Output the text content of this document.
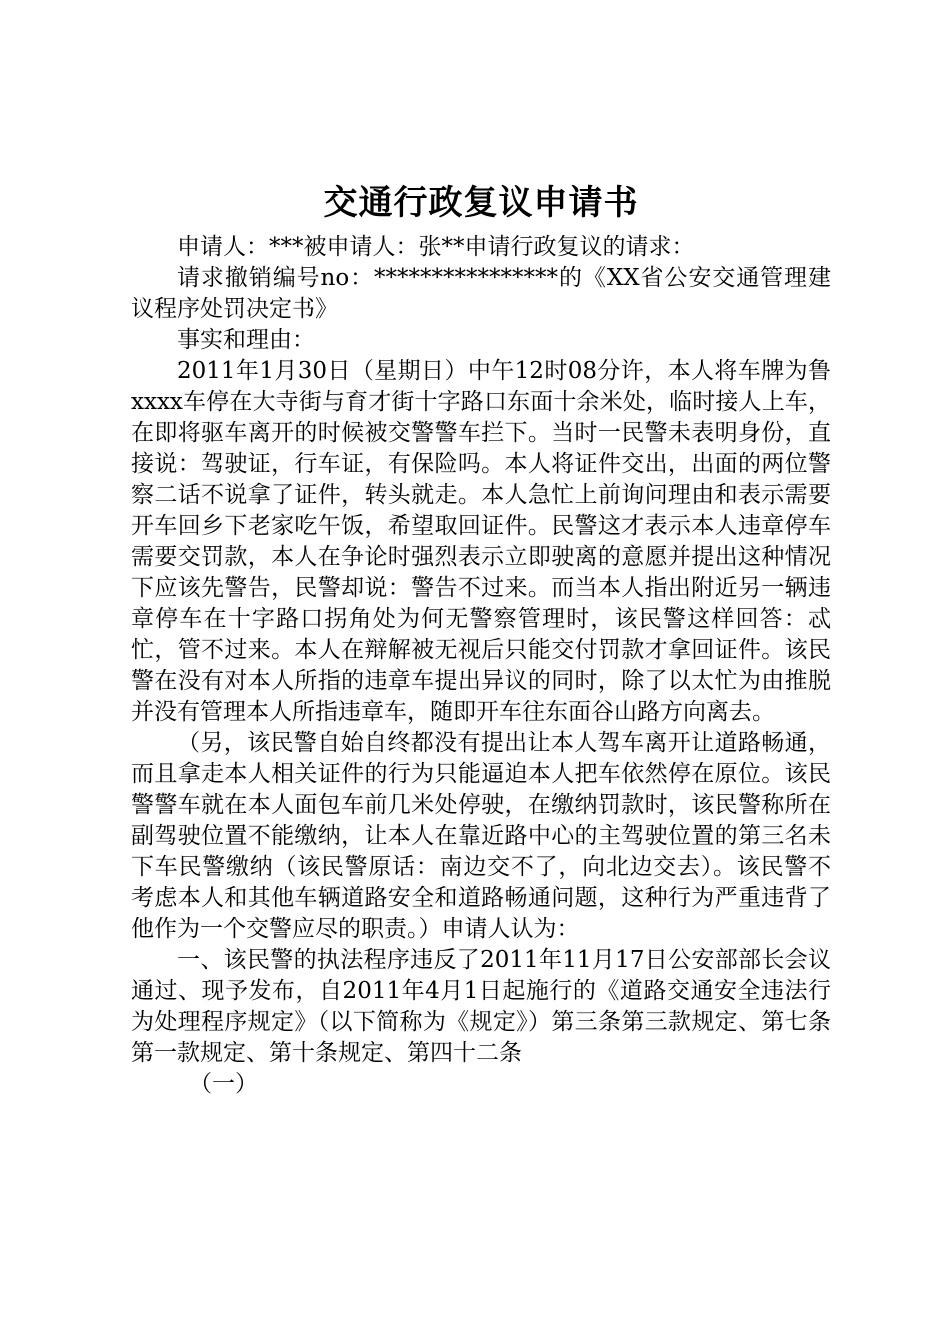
交通行政复议申请书

申请人：***被申请人：张**申请行政复议的请求：

请求撤销编号no：****************的《XX省公安交通管理建议程序处罚决定书》

事实和理由：

2011年1月30日（星期日）中午12时08分许，本人将车牌为鲁xxxx车停在大寺街与育才街十字路口东面十余米处，临时接人上车，在即将驱车离开的时候被交警警车拦下。当时一民警未表明身份，直接说：驾驶证，行车证，有保险吗。本人将证件交出，出面的两位警察二话不说拿了证件，转头就走。本人急忙上前询问理由和表示需要开车回乡下老家吃午饭，希望取回证件。民警这才表示本人违章停车需要交罚款，本人在争论时强烈表示立即驶离的意愿并提出这种情况下应该先警告，民警却说：警告不过来。而当本人指出附近另一辆违章停车在十字路口拐角处为何无警察管理时，该民警这样回答：忒忙，管不过来。本人在辩解被无视后只能交付罚款才拿回证件。该民警在没有对本人所指的违章车提出异议的同时，除了以太忙为由推脱并没有管理本人所指违章车，随即开车往东面谷山路方向离去。

（另，该民警自始自终都没有提出让本人驾车离开让道路畅通，而且拿走本人相关证件的行为只能逼迫本人把车依然停在原位。该民警警车就在本人面包车前几米处停驶，在缴纳罚款时，该民警称所在副驾驶位置不能缴纳，让本人在靠近路中心的主驾驶位置的第三名未下车民警缴纳（该民警原话：南边交不了，向北边交去）。该民警不考虑本人和其他车辆道路安全和道路畅通问题，这种行为严重违背了他作为一个交警应尽的职责。）申请人认为：

一、该民警的执法程序违反了2011年11月17日公安部部长会议通过、现予发布，自2011年4月1日起施行的《道路交通安全违法行为处理程序规定》（以下简称为《规定》）第三条第三款规定、第七条第一款规定、第十条规定、第四十二条

（一）
